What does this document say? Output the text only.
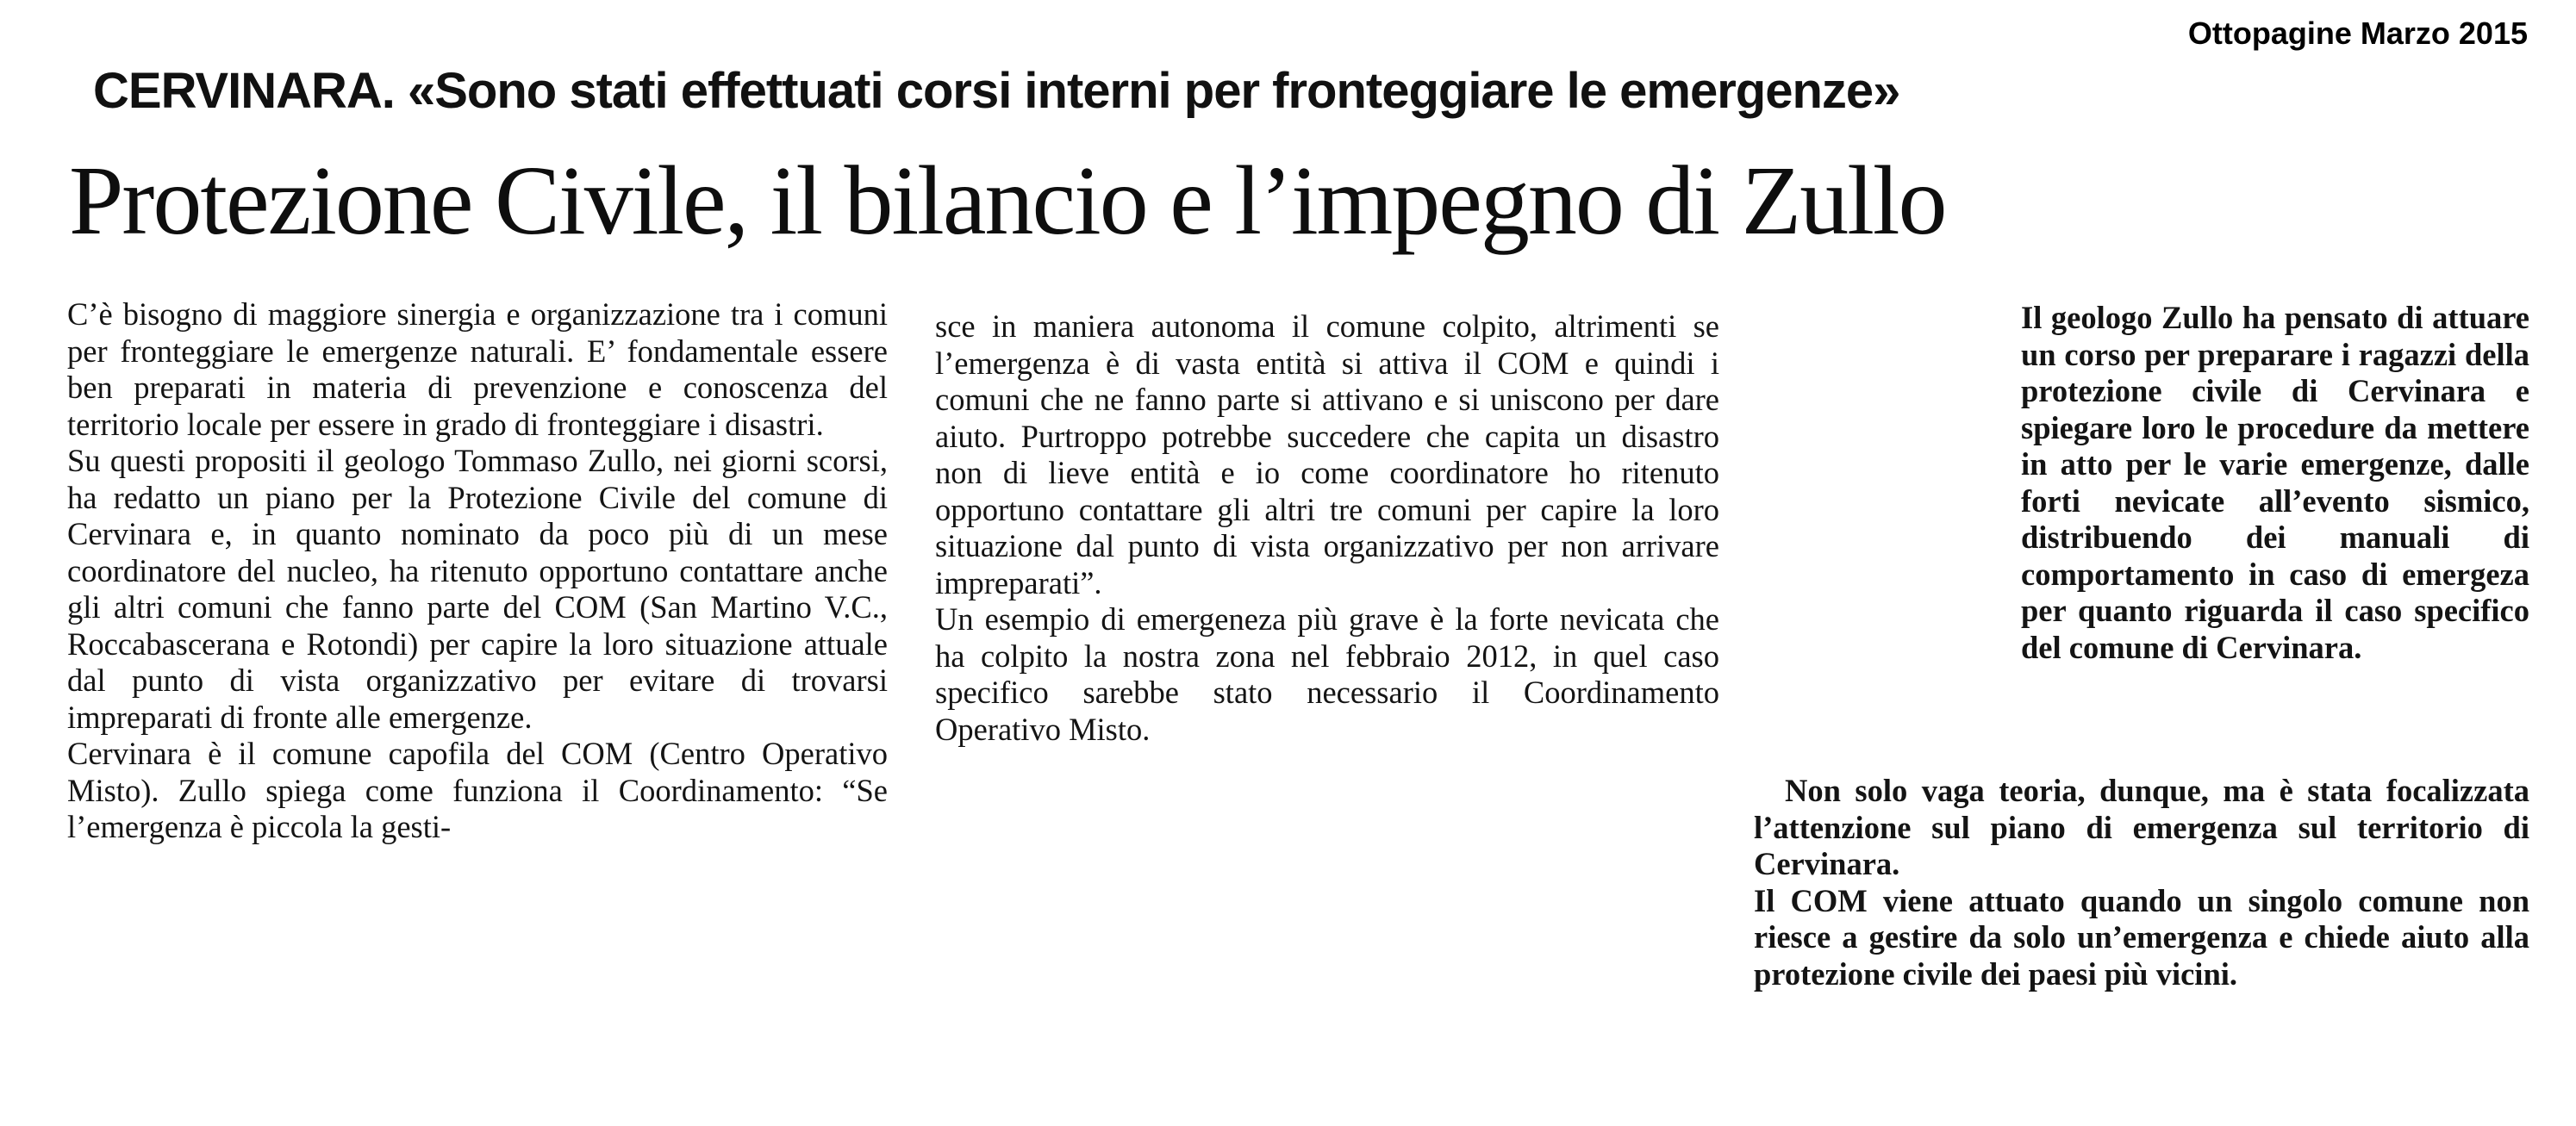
Ottopagine Marzo 2015
CERVINARA. «Sono stati effettuati corsi interni per fronteggiare le emergenze»
Protezione Civile, il bilancio e l’impegno di Zullo

C’è bisogno di maggiore sinergia e organizzazione tra i comuni per fronteggiare le emergenze naturali. E’ fondamentale essere ben preparati in materia di prevenzione e conoscenza del territorio locale per essere in grado di fronteggiare i disastri.

Su questi propositi il geologo Tommaso Zullo, nei giorni scorsi, ha redatto un piano per la Protezione Civile del comune di Cervinara e, in quanto nominato da poco più di un mese coordinatore del nucleo, ha ritenuto opportuno contattare anche gli altri comuni che fanno parte del COM (San Martino V.C., Roccabascerana e Rotondi) per capire la loro situazione attuale dal punto di vista organizzativo per evitare di trovarsi impreparati di fronte alle emergenze.

Cervinara è il comune capofila del COM (Centro Operativo Misto). Zullo spiega come funziona il Coordinamento: “Se l’emergenza è piccola la gesti-

sce in maniera autonoma il comune colpito, altrimenti se l’emergenza è di vasta entità si attiva il COM e quindi i comuni che ne fanno parte si attivano e si uniscono per dare aiuto. Purtroppo potrebbe succedere che capita un disastro non di lieve entità e io come coordinatore ho ritenuto opportuno contattare gli altri tre comuni per capire la loro situazione dal punto di vista organizzativo per non arrivare impreparati”.

Un esempio di emergeneza più grave è la forte nevicata che ha colpito la nostra zona nel febbraio 2012, in quel caso specifico sarebbe stato necessario il Coordinamento Operativo Misto.

Il geologo Zullo ha pensato di attuare un corso per preparare i ragazzi della protezione civile di Cervinara e spiegare loro le procedure da mettere in atto per le varie emergenze, dalle forti nevicate all’evento sismico, distribuendo dei manuali di comportamento in caso di emergeza per quanto riguarda il caso specifico del comune di Cervinara.

Non solo vaga teoria, dunque, ma è stata focalizzata l’attenzione sul piano di emergenza sul territorio di Cervinara.

Il COM viene attuato quando un singolo comune non riesce a gestire da solo un’emergenza e chiede aiuto alla protezione civile dei paesi più vicini.
